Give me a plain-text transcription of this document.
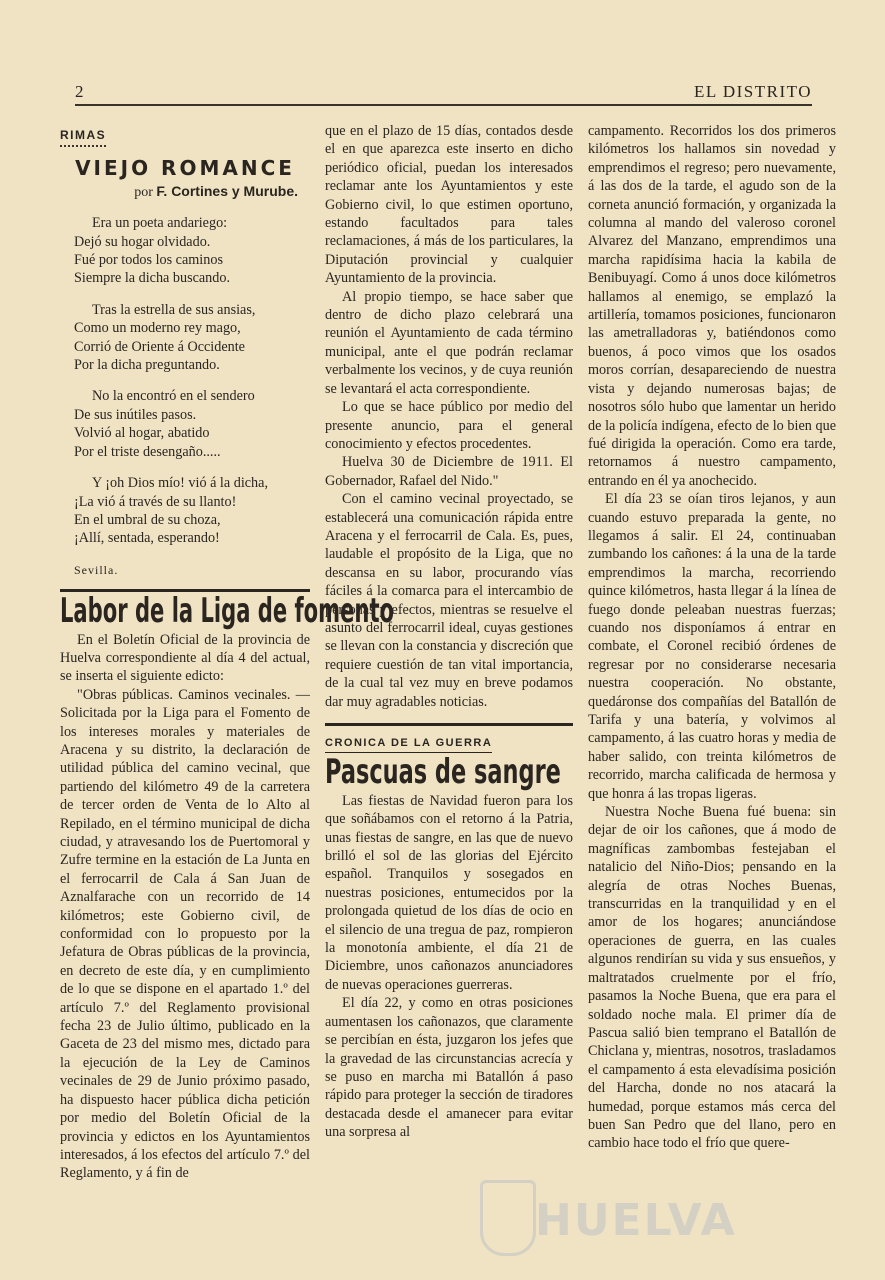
2	EL DISTRITO
RIMAS
VIEJO ROMANCE
por F. Cortines y Murube.
Era un poeta andariego:
Dejó su hogar olvidado.
Fué por todos los caminos
Siempre la dicha buscando.
Tras la estrella de sus ansias,
Como un moderno rey mago,
Corrió de Oriente á Occidente
Por la dicha preguntando.
No la encontró en el sendero
De sus inútiles pasos.
Volvió al hogar, abatido
Por el triste desengaño.....
Y ¡oh Dios mío! vió á la dicha,
¡La vió á través de su llanto!
En el umbral de su choza,
¡Allí, sentada, esperando!
Sevilla.
Labor de la Liga de fomento

En el Boletín Oficial de la provincia de Huelva correspondiente al día 4 del actual, se inserta el siguiente edicto:

"Obras públicas. Caminos vecinales. — Solicitada por la Liga para el Fomento de los intereses morales y materiales de Aracena y su distrito, la declaración de utilidad pública del camino vecinal, que partiendo del kilómetro 49 de la carretera de tercer orden de Venta de lo Alto al Repilado, en el término municipal de dicha ciudad, y atravesando los de Puertomoral y Zufre termine en la estación de La Junta en el ferrocarril de Cala á San Juan de Aznalfarache con un recorrido de 14 kilómetros; este Gobierno civil, de conformidad con lo propuesto por la Jefatura de Obras públicas de la provincia, en decreto de este día, y en cumplimiento de lo que se dispone en el apartado 1.º del artículo 7.º del Reglamento provisional fecha 23 de Julio último, publicado en la Gaceta de 23 del mismo mes, dictado para la ejecución de la Ley de Caminos vecinales de 29 de Junio próximo pasado, ha dispuesto hacer pública dicha petición por medio del Boletín Oficial de la provincia y edictos en los Ayuntamientos interesados, á los efectos del artículo 7.º del Reglamento, y á fin de

que en el plazo de 15 días, contados desde el en que aparezca este inserto en dicho periódico oficial, puedan los interesados reclamar ante los Ayuntamientos y este Gobierno civil, lo que estimen oportuno, estando facultados para tales reclamaciones, á más de los particulares, la Diputación provincial y cualquier Ayuntamiento de la provincia.

Al propio tiempo, se hace saber que dentro de dicho plazo celebrará una reunión el Ayuntamiento de cada término municipal, ante el que podrán reclamar verbalmente los vecinos, y de cuya reunión se levantará el acta correspondiente.

Lo que se hace público por medio del presente anuncio, para el general conocimiento y efectos procedentes.

Huelva 30 de Diciembre de 1911. El Gobernador, Rafael del Nido."

Con el camino vecinal proyectado, se establecerá una comunicación rápida entre Aracena y el ferrocarril de Cala. Es, pues, laudable el propósito de la Liga, que no descansa en su labor, procurando vías fáciles á la comarca para el intercambio de personas y efectos, mientras se resuelve el asunto del ferrocarril ideal, cuyas gestiones se llevan con la constancia y discreción que requiere cuestión de tan vital importancia, de la cual tal vez muy en breve podamos dar muy agradables noticias.

CRONICA DE LA GUERRA
Pascuas de sangre

Las fiestas de Navidad fueron para los que soñábamos con el retorno á la Patria, unas fiestas de sangre, en las que de nuevo brilló el sol de las glorias del Ejército español. Tranquilos y sosegados en nuestras posiciones, entumecidos por la prolongada quietud de los días de ocio en el silencio de una tregua de paz, rompieron la monotonía ambiente, el día 21 de Diciembre, unos cañonazos anunciadores de nuevas operaciones guerreras.

El día 22, y como en otras posiciones aumentasen los cañonazos, que claramente se percibían en ésta, juzgaron los jefes que la gravedad de las circunstancias acrecía y se puso en marcha mi Batallón á paso rápido para proteger la sección de tiradores destacada desde el amanecer para evitar una sorpresa al

campamento. Recorridos los dos primeros kilómetros los hallamos sin novedad y emprendimos el regreso; pero nuevamente, á las dos de la tarde, el agudo son de la corneta anunció formación, y organizada la columna al mando del valeroso coronel Alvarez del Manzano, emprendimos una marcha rapidísima hacia la kabila de Benibuyagí. Como á unos doce kilómetros hallamos al enemigo, se emplazó la artillería, tomamos posiciones, funcionaron las ametralladoras y, batiéndonos como buenos, á poco vimos que los osados moros corrían, desapareciendo de nuestra vista y dejando numerosas bajas; de nosotros sólo hubo que lamentar un herido de la policía indígena, efecto de lo bien que fué dirigida la operación. Como era tarde, retornamos á nuestro campamento, entrando en él ya anochecido.

El día 23 se oían tiros lejanos, y aun cuando estuvo preparada la gente, no llegamos á salir. El 24, continuaban zumbando los cañones: á la una de la tarde emprendimos la marcha, recorriendo quince kilómetros, hasta llegar á la línea de fuego donde peleaban nuestras fuerzas; cuando nos disponíamos á entrar en combate, el Coronel recibió órdenes de regresar por no considerarse necesaria nuestra cooperación. No obstante, quedáronse dos compañías del Batallón de Tarifa y una batería, y volvimos al campamento, á las cuatro horas y media de haber salido, con treinta kilómetros de recorrido, marcha calificada de hermosa y que honra á las tropas ligeras.

Nuestra Noche Buena fué buena: sin dejar de oir los cañones, que á modo de magníficas zambombas festejaban el natalicio del Niño-Dios; pensando en la alegría de otras Noches Buenas, transcurridas en la tranquilidad y en el amor de los hogares; anunciándose operaciones de guerra, en las cuales algunos rendirían su vida y sus ensueños, y maltratados cruelmente por el frío, pasamos la Noche Buena, que era para el soldado noche mala. El primer día de Pascua salió bien temprano el Batallón de Chiclana y, mientras, nosotros, trasladamos el campamento á esta elevadísima posición del Harcha, donde no nos atacará la humedad, porque estamos más cerca del buen San Pedro que del llano, pero en cambio hace todo el frío que quere-

HUELVA
